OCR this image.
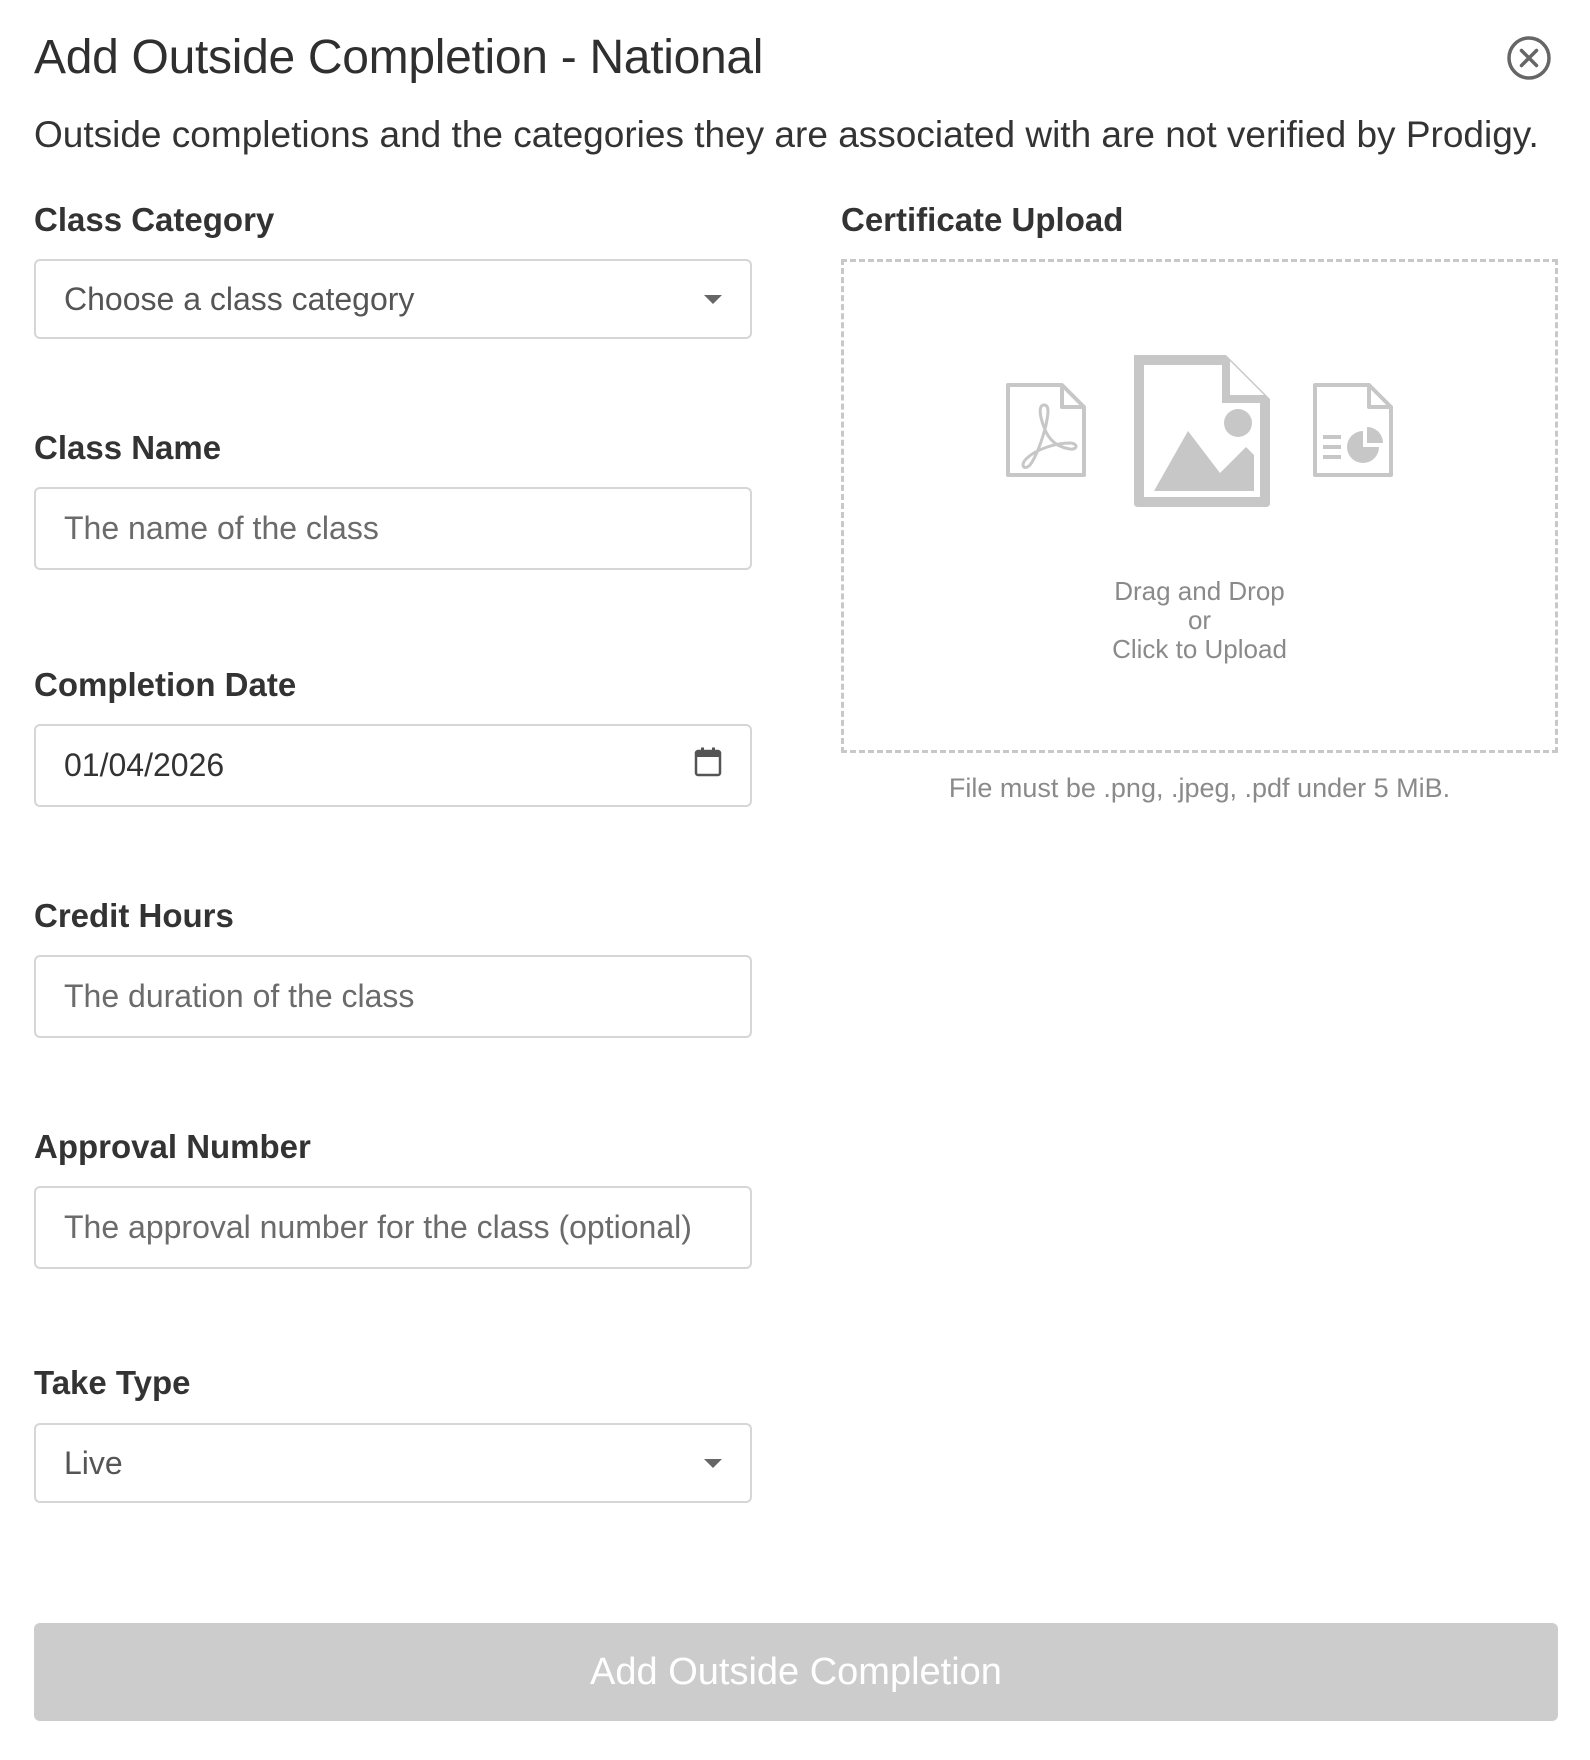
Add Outside Completion - National

Outside completions and the categories they are associated with are not verified by Prodigy.

Class Category
Choose a class category
Class Name
The name of the class
Completion Date
01/04/2026
Credit Hours
The duration of the class
Approval Number
The approval number for the class (optional)
Take Type
Live
Certificate Upload
Drag and Drop
or
Click to Upload
File must be .png, .jpeg, .pdf under 5 MiB.
Add Outside Completion
